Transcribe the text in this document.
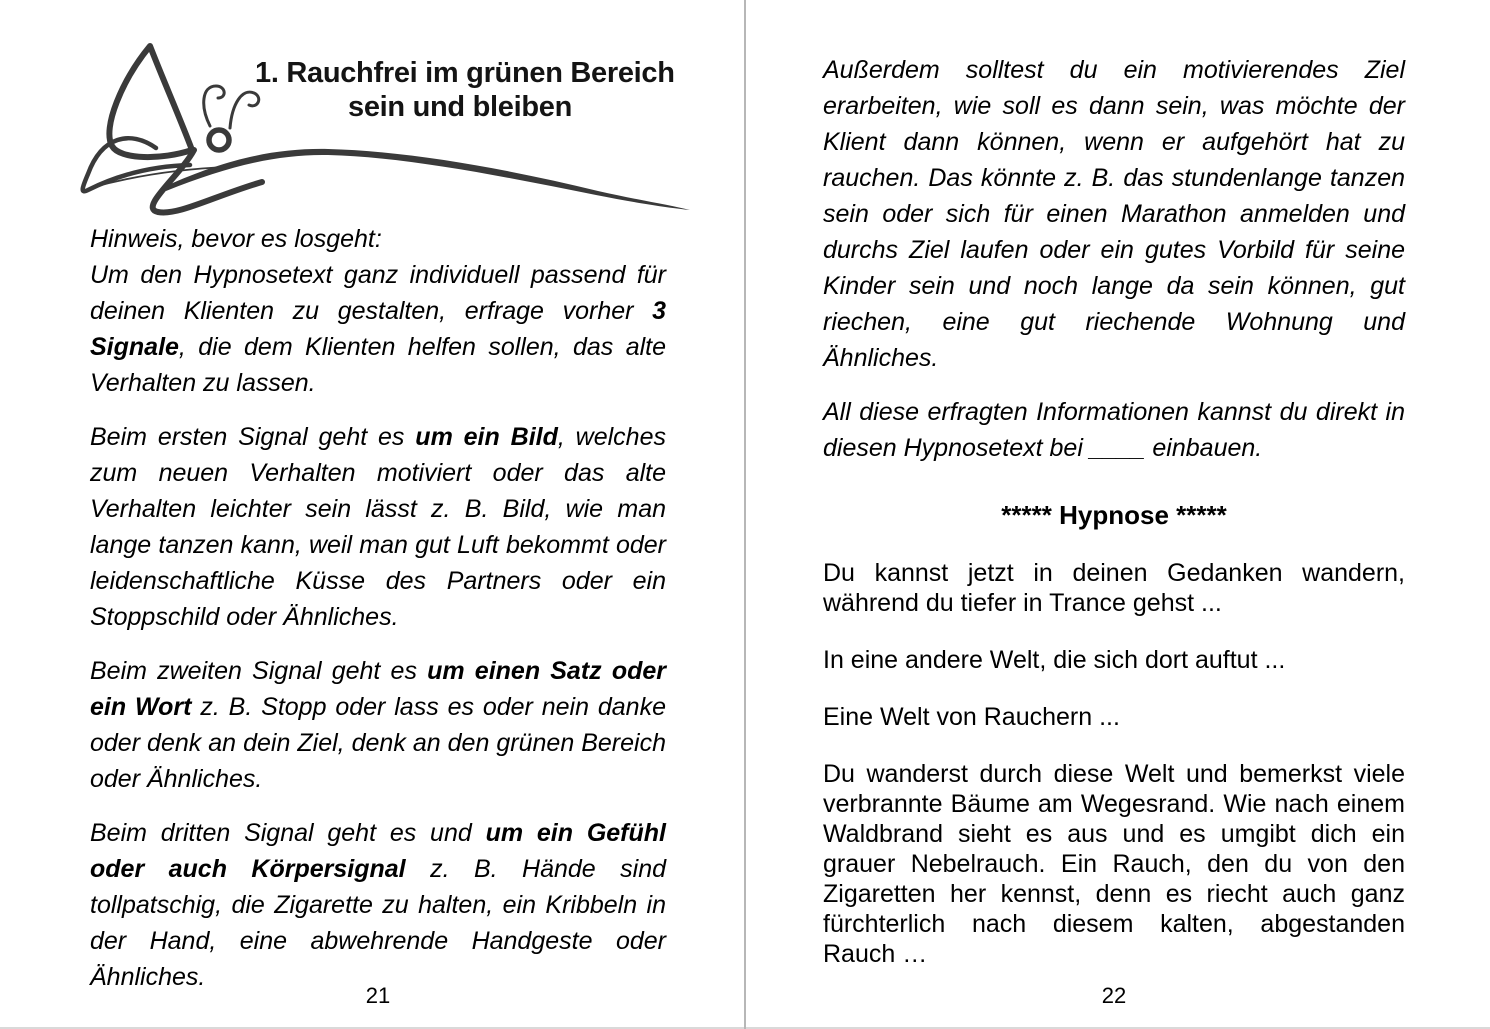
1. Rauchfrei im grünen Bereich
sein und bleiben

Hinweis, bevor es losgeht:

Um den Hypnosetext ganz individuell passend für deinen Klienten zu gestalten, erfrage vorher 3 Signale, die dem Klienten helfen sollen, das alte Verhalten zu lassen.

Beim ersten Signal geht es um ein Bild, welches zum neuen Verhalten motiviert oder das alte Verhalten leichter sein lässt z. B. Bild, wie man lange tanzen kann, weil man gut Luft bekommt oder leidenschaftliche Küsse des Partners oder ein Stoppschild oder Ähnliches.

Beim zweiten Signal geht es um einen Satz oder ein Wort z. B. Stopp oder lass es oder nein danke oder denk an dein Ziel, denk an den grünen Bereich oder Ähnliches.

Beim dritten Signal geht es und um ein Gefühl oder auch Körpersignal z. B. Hände sind tollpatschig, die Zigarette zu halten, ein Kribbeln in der Hand, eine abwehrende Handgeste oder Ähnliches.

21

Außerdem solltest du ein motivierendes Ziel erarbeiten, wie soll es dann sein, was möchte der Klient dann können, wenn er aufgehört hat zu rauchen. Das könnte z. B. das stundenlange tanzen sein oder sich für einen Marathon anmelden und durchs Ziel laufen oder ein gutes Vorbild für seine Kinder sein und noch lange da sein können, gut riechen, eine gut riechende Wohnung und Ähnliches.

All diese erfragten Informationen kannst du direkt in diesen Hypnosetext bei ____ einbauen.

***** Hypnose *****

Du kannst jetzt in deinen Gedanken wandern, während du tiefer in Trance gehst ...

In eine andere Welt, die sich dort auftut ...

Eine Welt von Rauchern ...

Du wanderst durch diese Welt und bemerkst viele verbrannte Bäume am Wegesrand. Wie nach einem Waldbrand sieht es aus und es umgibt dich ein grauer Nebelrauch. Ein Rauch, den du von den Zigaretten her kennst, denn es riecht auch ganz fürchterlich nach diesem kalten, abgestanden Rauch …

22
